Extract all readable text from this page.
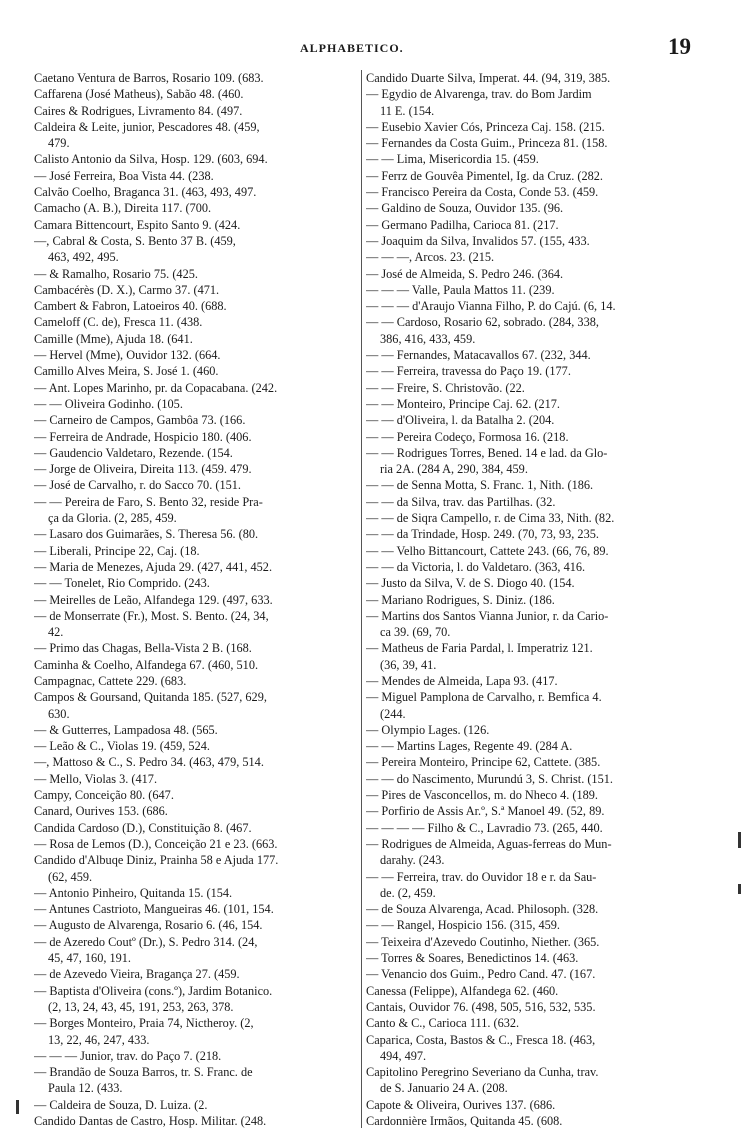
ALPHABETICO.	19
Caetano Ventura de Barros, Rosario 109. (683.
Caffarena (José Matheus), Sabão 48. (460.
Caires & Rodrigues, Livramento 84. (497.
Caldeira & Leite, junior, Pescadores 48. (459,
479.
Calisto Antonio da Silva, Hosp. 129. (603, 694.
— José Ferreira, Boa Vista 44. (238.
Calvão Coelho, Braganca 31. (463, 493, 497.
Camacho (A. B.), Direita 117. (700.
Camara Bittencourt, Espito Santo 9. (424.
—, Cabral & Costa, S. Bento 37 B. (459,
463, 492, 495.
— & Ramalho, Rosario 75. (425.
Cambacérès (D. X.), Carmo 37. (471.
Cambert & Fabron, Latoeiros 40. (688.
Cameloff (C. de), Fresca 11. (438.
Camille (Mme), Ajuda 18. (641.
— Hervel (Mme), Ouvidor 132. (664.
Camillo Alves Meira, S. José 1. (460.
— Ant. Lopes Marinho, pr. da Copacabana. (242.
— — Oliveira Godinho. (105.
— Carneiro de Campos, Gambôa 73. (166.
— Ferreira de Andrade, Hospicio 180. (406.
— Gaudencio Valdetaro, Rezende. (154.
— Jorge de Oliveira, Direita 113. (459. 479.
— José de Carvalho, r. do Sacco 70. (151.
— — Pereira de Faro, S. Bento 32, reside Pra-
ça da Gloria. (2, 285, 459.
— Lasaro dos Guimarães, S. Theresa 56. (80.
— Liberali, Principe 22, Caj. (18.
— Maria de Menezes, Ajuda 29. (427, 441, 452.
— — Tonelet, Rio Comprido. (243.
— Meirelles de Leão, Alfandega 129. (497, 633.
— de Monserrate (Fr.), Most. S. Bento. (24, 34,
42.
— Primo das Chagas, Bella-Vista 2 B. (168.
Caminha & Coelho, Alfandega 67. (460, 510.
Campagnac, Cattete 229. (683.
Campos & Goursand, Quitanda 185. (527, 629,
630.
— & Gutterres, Lampadosa 48. (565.
— Leão & C., Violas 19. (459, 524.
—, Mattoso & C., S. Pedro 34. (463, 479, 514.
— Mello, Violas 3. (417.
Campy, Conceição 80. (647.
Canard, Ourives 153. (686.
Candida Cardoso (D.), Constituição 8. (467.
— Rosa de Lemos (D.), Conceição 21 e 23. (663.
Candido d'Albuqe Diniz, Prainha 58 e Ajuda 177.
(62, 459.
— Antonio Pinheiro, Quitanda 15. (154.
— Antunes Castrioto, Mangueiras 46. (101, 154.
— Augusto de Alvarenga, Rosario 6. (46, 154.
— de Azeredo Coutº (Dr.), S. Pedro 314. (24,
45, 47, 160, 191.
— de Azevedo Vieira, Bragança 27. (459.
— Baptista d'Oliveira (cons.º), Jardim Botanico.
(2, 13, 24, 43, 45, 191, 253, 263, 378.
— Borges Monteiro, Praia 74, Nictheroy. (2,
13, 22, 46, 247, 433.
— — — Junior, trav. do Paço 7. (218.
— Brandão de Souza Barros, tr. S. Franc. de
Paula 12. (433.
— Caldeira de Souza, D. Luiza. (2.
Candido Dantas de Castro, Hosp. Militar. (248.
Candido Duarte Silva, Imperat. 44. (94, 319, 385.
— Egydio de Alvarenga, trav. do Bom Jardim
11 E. (154.
— Eusebio Xavier Cós, Princeza Caj. 158. (215.
— Fernandes da Costa Guim., Princeza 81. (158.
— — Lima, Misericordia 15. (459.
— Ferrz de Gouvêa Pimentel, Ig. da Cruz. (282.
— Francisco Pereira da Costa, Conde 53. (459.
— Galdino de Souza, Ouvidor 135. (96.
— Germano Padilha, Carioca 81. (217.
— Joaquim da Silva, Invalidos 57. (155, 433.
— — —, Arcos. 23. (215.
— José de Almeida, S. Pedro 246. (364.
— — — Valle, Paula Mattos 11. (239.
— — — d'Araujo Vianna Filho, P. do Cajú. (6, 14.
— — Cardoso, Rosario 62, sobrado. (284, 338,
386, 416, 433, 459.
— — Fernandes, Matacavallos 67. (232, 344.
— — Ferreira, travessa do Paço 19. (177.
— — Freire, S. Christovão. (22.
— — Monteiro, Principe Caj. 62. (217.
— — d'Oliveira, l. da Batalha 2. (204.
— — Pereira Codeço, Formosa 16. (218.
— — Rodrigues Torres, Bened. 14 e lad. da Glo-
ria 2A. (284 A, 290, 384, 459.
— — de Senna Motta, S. Franc. 1, Nith. (186.
— — da Silva, trav. das Partilhas. (32.
— — de Siqra Campello, r. de Cima 33, Nith. (82.
— — da Trindade, Hosp. 249. (70, 73, 93, 235.
— — Velho Bittancourt, Cattete 243. (66, 76, 89.
— — da Victoria, l. do Valdetaro. (363, 416.
— Justo da Silva, V. de S. Diogo 40. (154.
— Mariano Rodrigues, S. Diniz. (186.
— Martins dos Santos Vianna Junior, r. da Cario-
ca 39. (69, 70.
— Matheus de Faria Pardal, l. Imperatriz 121.
(36, 39, 41.
— Mendes de Almeida, Lapa 93. (417.
— Miguel Pamplona de Carvalho, r. Bemfica 4.
(244.
— Olympio Lages. (126.
— — Martins Lages, Regente 49. (284 A.
— Pereira Monteiro, Principe 62, Cattete. (385.
— — do Nascimento, Murundú 3, S. Christ. (151.
— Pires de Vasconcellos, m. do Nheco 4. (189.
— Porfirio de Assis Ar.º, S.ª Manoel 49. (52, 89.
— — — — Filho & C., Lavradio 73. (265, 440.
— Rodrigues de Almeida, Aguas-ferreas do Mun-
darahy. (243.
— — Ferreira, trav. do Ouvidor 18 e r. da Sau-
de. (2, 459.
— de Souza Alvarenga, Acad. Philosoph. (328.
— — Rangel, Hospicio 156. (315, 459.
— Teixeira d'Azevedo Coutinho, Niether. (365.
— Torres & Soares, Benedictinos 14. (463.
— Venancio dos Guim., Pedro Cand. 47. (167.
Canessa (Felippe), Alfandega 62. (460.
Cantais, Ouvidor 76. (498, 505, 516, 532, 535.
Canto & C., Carioca 111. (632.
Caparica, Costa, Bastos & C., Fresca 18. (463,
494, 497.
Capitolino Peregrino Severiano da Cunha, trav.
de S. Januario 24 A. (208.
Capote & Oliveira, Ourives 137. (686.
Cardonnière Irmãos, Quitanda 45. (608.
